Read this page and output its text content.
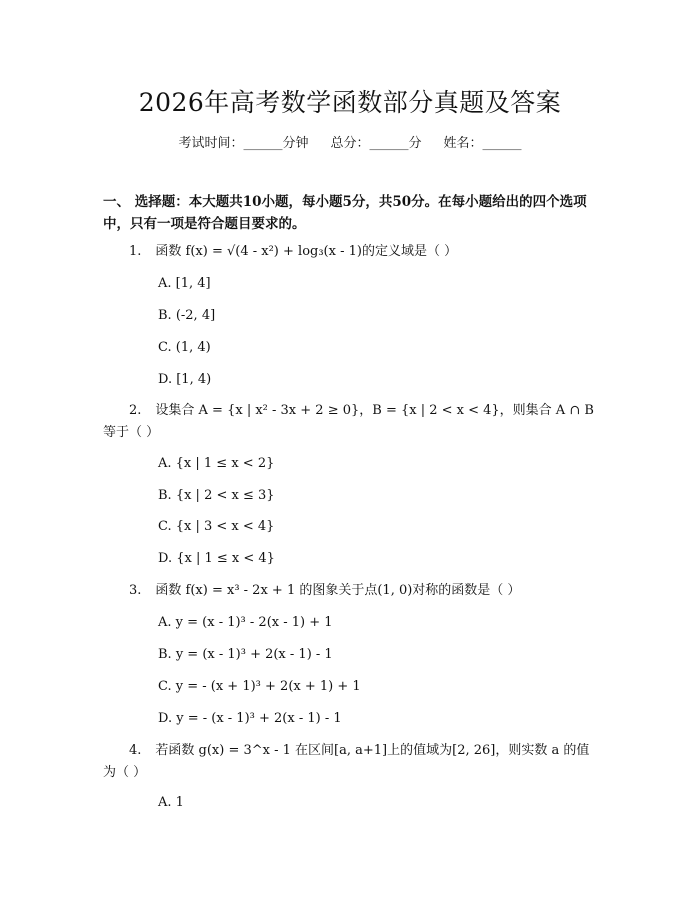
2026年高考数学函数部分真题及答案
考试时间：______分钟 总分：______分 姓名：______
一、 选择题：本大题共10小题，每小题5分，共50分。在每小题给出的四个选项中，只有一项是符合题目要求的。
1. 函数 f(x) = √(4 - x²) + log₃(x - 1)的定义域是（ ）
A. [1, 4]
B. (-2, 4]
C. (1, 4)
D. [1, 4)
2. 设集合 A = {x | x² - 3x + 2 ≥ 0}，B = {x | 2 < x < 4}，则集合 A ∩ B 等于（ ）
A. {x | 1 ≤ x < 2}
B. {x | 2 < x ≤ 3}
C. {x | 3 < x < 4}
D. {x | 1 ≤ x < 4}
3. 函数 f(x) = x³ - 2x + 1 的图象关于点(1, 0)对称的函数是（ ）
A. y = (x - 1)³ - 2(x - 1) + 1
B. y = (x - 1)³ + 2(x - 1) - 1
C. y = - (x + 1)³ + 2(x + 1) + 1
D. y = - (x - 1)³ + 2(x - 1) - 1
4. 若函数 g(x) = 3^x - 1 在区间[a, a+1]上的值域为[2, 26]，则实数 a 的值为（ ）
A. 1
